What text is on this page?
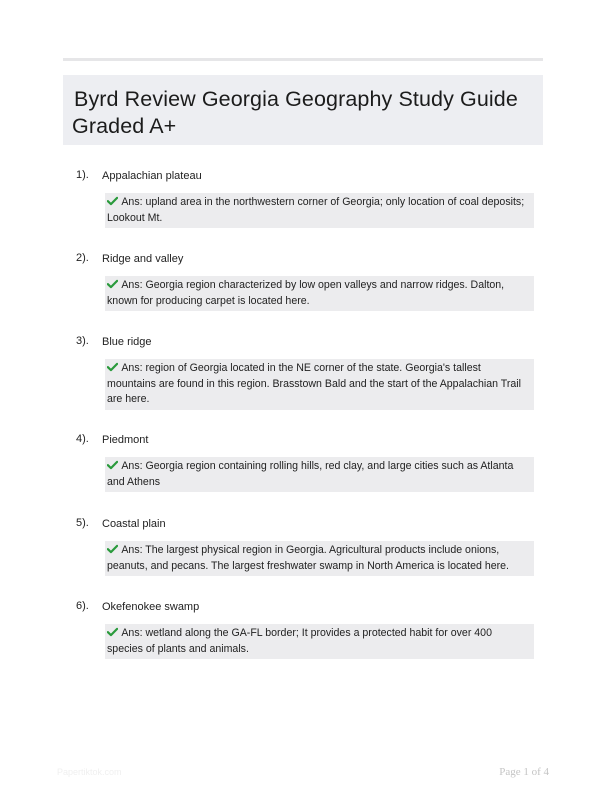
Byrd Review Georgia Geography Study Guide
Graded A+
1). Appalachian plateau
Ans: upland area in the northwestern corner of Georgia; only location of coal deposits; Lookout Mt.
2). Ridge and valley
Ans: Georgia region characterized by low open valleys and narrow ridges. Dalton, known for producing carpet is located here.
3). Blue ridge
Ans: region of Georgia located in the NE corner of the state. Georgia's tallest mountains are found in this region. Brasstown Bald and the start of the Appalachian Trail are here.
4). Piedmont
Ans: Georgia region containing rolling hills, red clay, and large cities such as Atlanta and Athens
5). Coastal plain
Ans: The largest physical region in Georgia. Agricultural products include onions, peanuts, and pecans. The largest freshwater swamp in North America is located here.
6). Okefenokee swamp
Ans: wetland along the GA-FL border; It provides a protected habit for over 400 species of plants and animals.
Papertiktok.com	Page 1 of 4
